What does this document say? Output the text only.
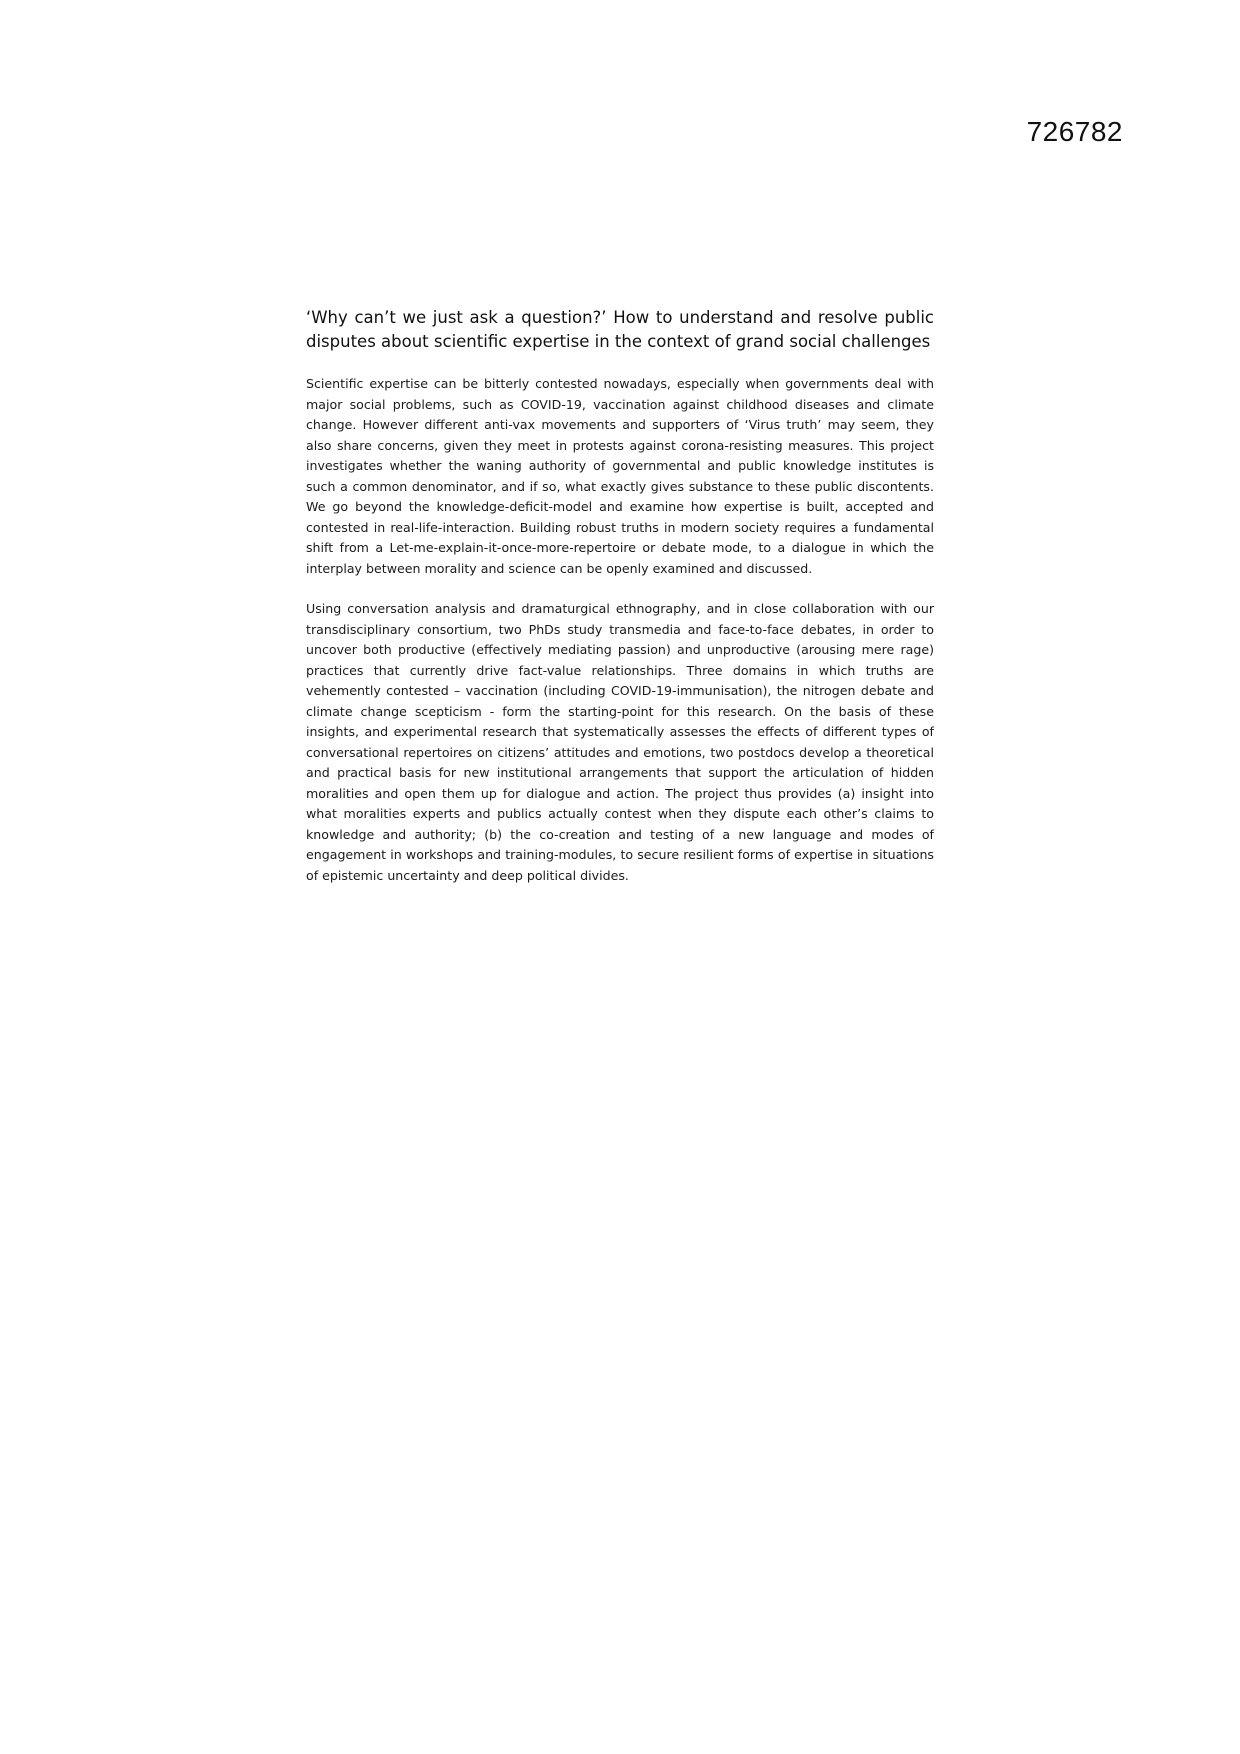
726782
‘Why can’t we just ask a question?’ How to understand and resolve public disputes about scientific expertise in the context of grand social challenges

Scientific expertise can be bitterly contested nowadays, especially when governments deal with major social problems, such as COVID-19, vaccination against childhood diseases and climate change. However different anti-vax movements and supporters of ‘Virus truth’ may seem, they also share concerns, given they meet in protests against corona-resisting measures. This project investigates whether the waning authority of governmental and public knowledge institutes is such a common denominator, and if so, what exactly gives substance to these public discontents. We go beyond the knowledge-deficit-model and examine how expertise is built, accepted and contested in real-life-interaction. Building robust truths in modern society requires a fundamental shift from a Let-me-explain-it-once-more-repertoire or debate mode, to a dialogue in which the interplay between morality and science can be openly examined and discussed.

Using conversation analysis and dramaturgical ethnography, and in close collaboration with our transdisciplinary consortium, two PhDs study transmedia and face-to-face debates, in order to uncover both productive (effectively mediating passion) and unproductive (arousing mere rage) practices that currently drive fact-value relationships. Three domains in which truths are vehemently contested – vaccination (including COVID-19-immunisation), the nitrogen debate and climate change scepticism - form the starting-point for this research. On the basis of these insights, and experimental research that systematically assesses the effects of different types of conversational repertoires on citizens’ attitudes and emotions, two postdocs develop a theoretical and practical basis for new institutional arrangements that support the articulation of hidden moralities and open them up for dialogue and action. The project thus provides (a) insight into what moralities experts and publics actually contest when they dispute each other’s claims to knowledge and authority; (b) the co-creation and testing of a new language and modes of engagement in workshops and training-modules, to secure resilient forms of expertise in situations of epistemic uncertainty and deep political divides.
